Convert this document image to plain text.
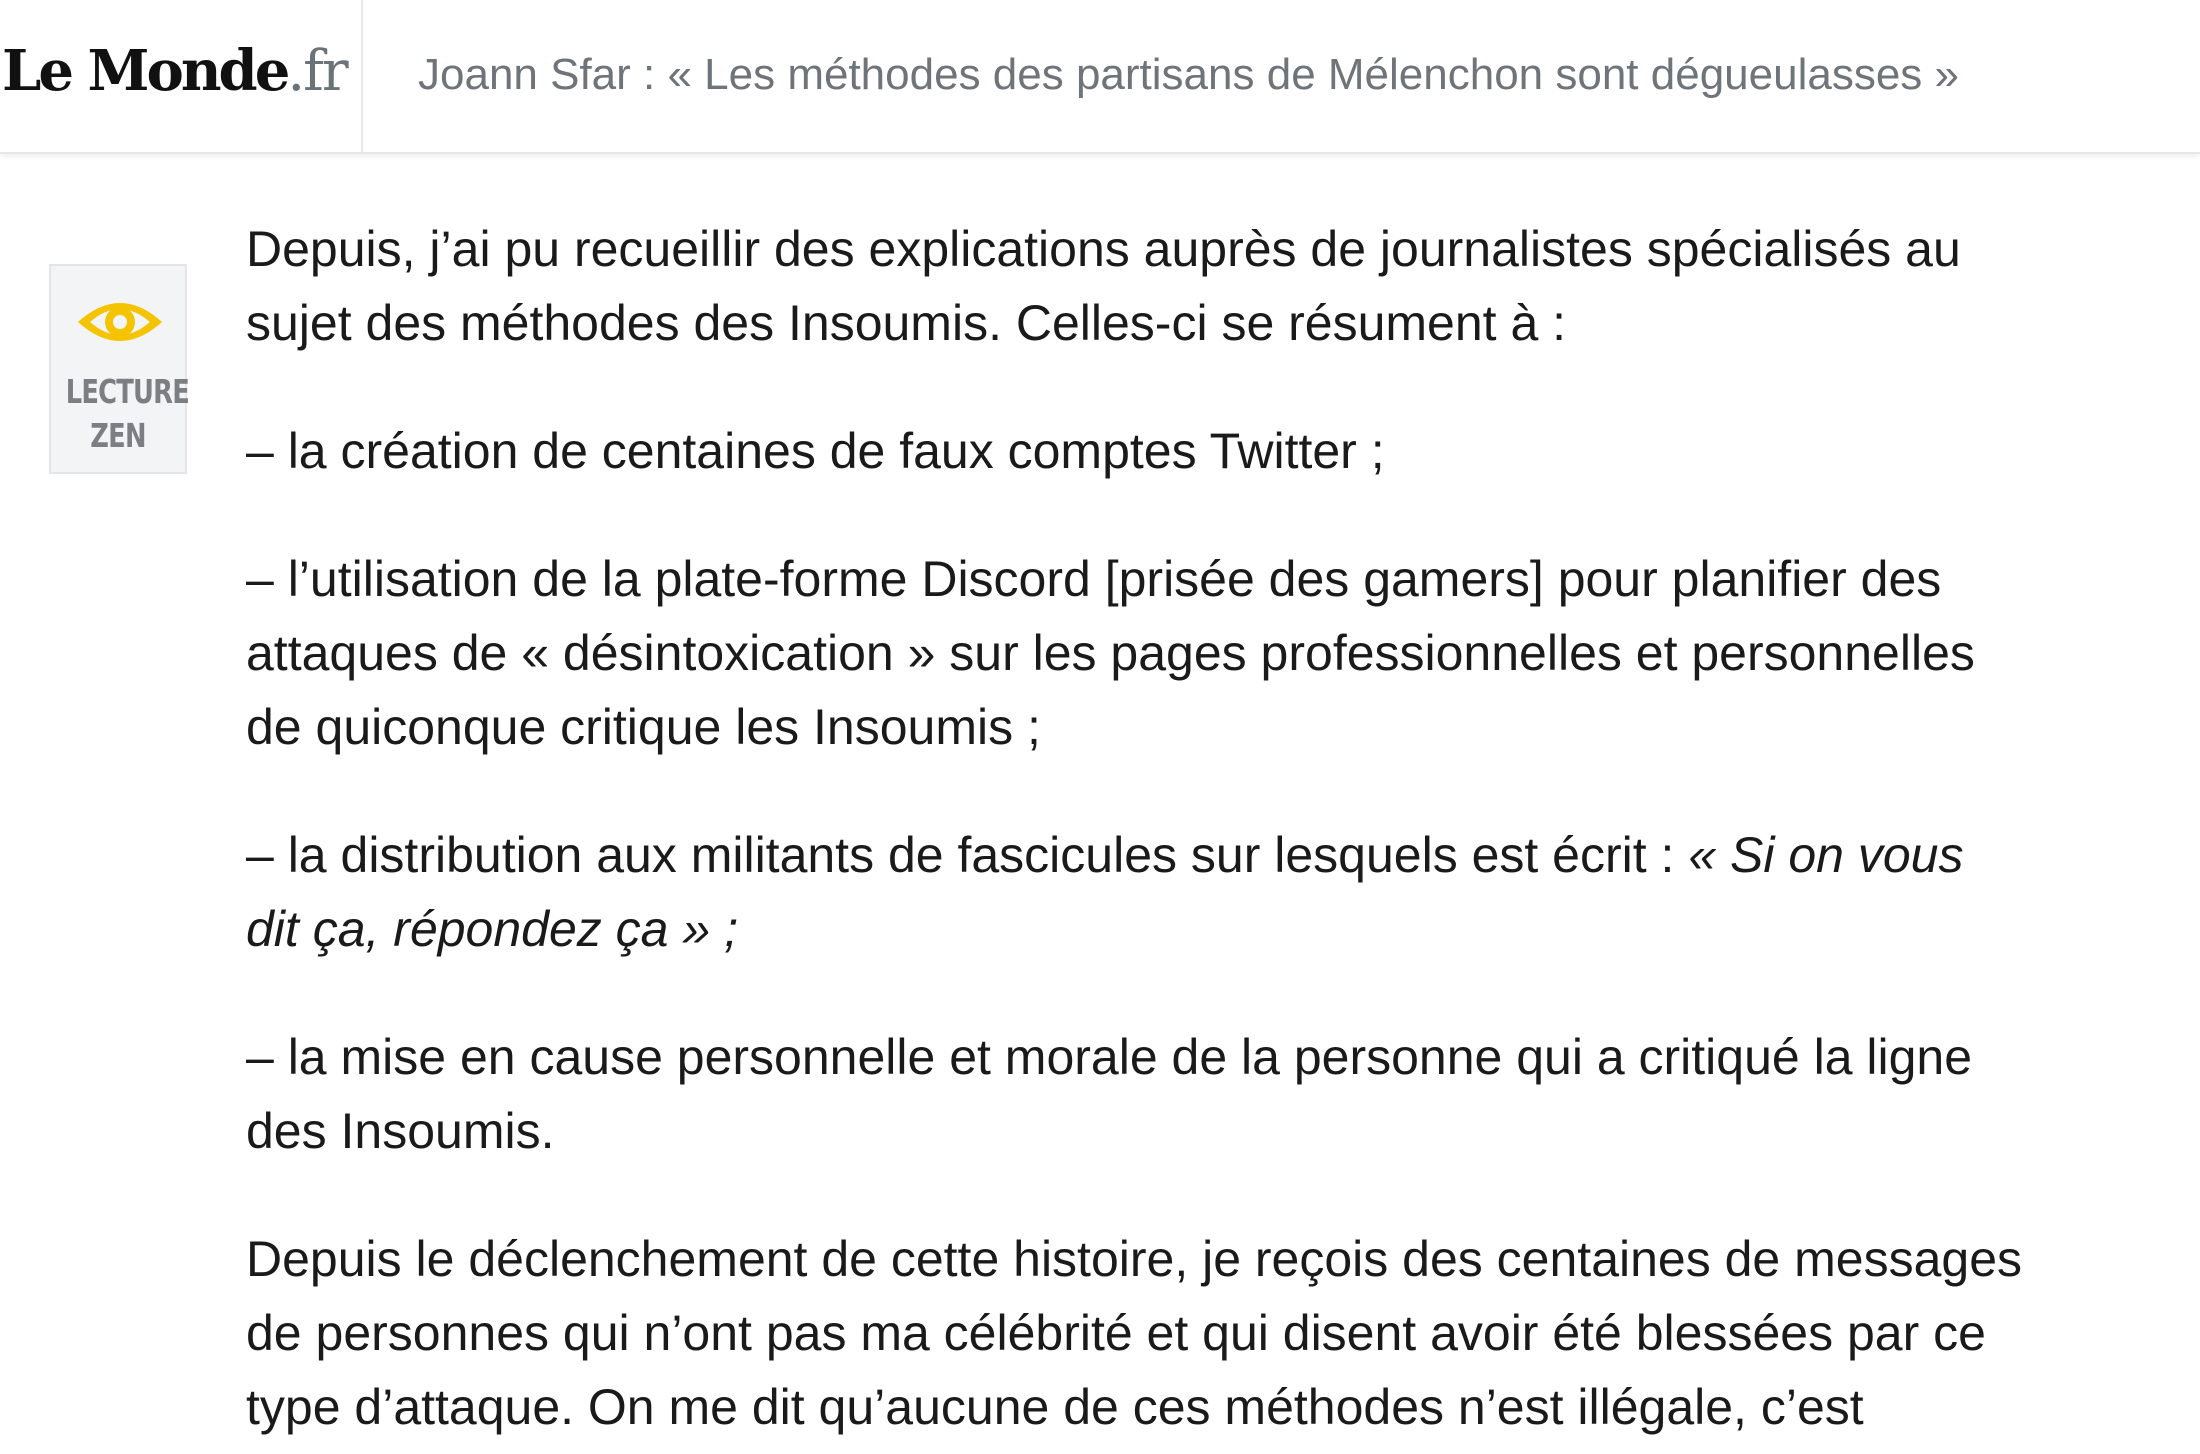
Le Monde.fr Joann Sfar : « Les méthodes des partisans de Mélenchon sont dégueulasses »
LECTURE
ZEN

Depuis, j’ai pu recueillir des explications auprès de journalistes spécialisés au
sujet des méthodes des Insoumis. Celles-ci se résument à :

– la création de centaines de faux comptes Twitter ;

– l’utilisation de la plate-forme Discord [prisée des gamers] pour planifier des
attaques de « désintoxication » sur les pages professionnelles et personnelles
de quiconque critique les Insoumis ;

– la distribution aux militants de fascicules sur lesquels est écrit : « Si on vous
dit ça, répondez ça » ;

– la mise en cause personnelle et morale de la personne qui a critiqué la ligne
des Insoumis.

Depuis le déclenchement de cette histoire, je reçois des centaines de messages
de personnes qui n’ont pas ma célébrité et qui disent avoir été blessées par ce
type d’attaque. On me dit qu’aucune de ces méthodes n’est illégale, c’est
